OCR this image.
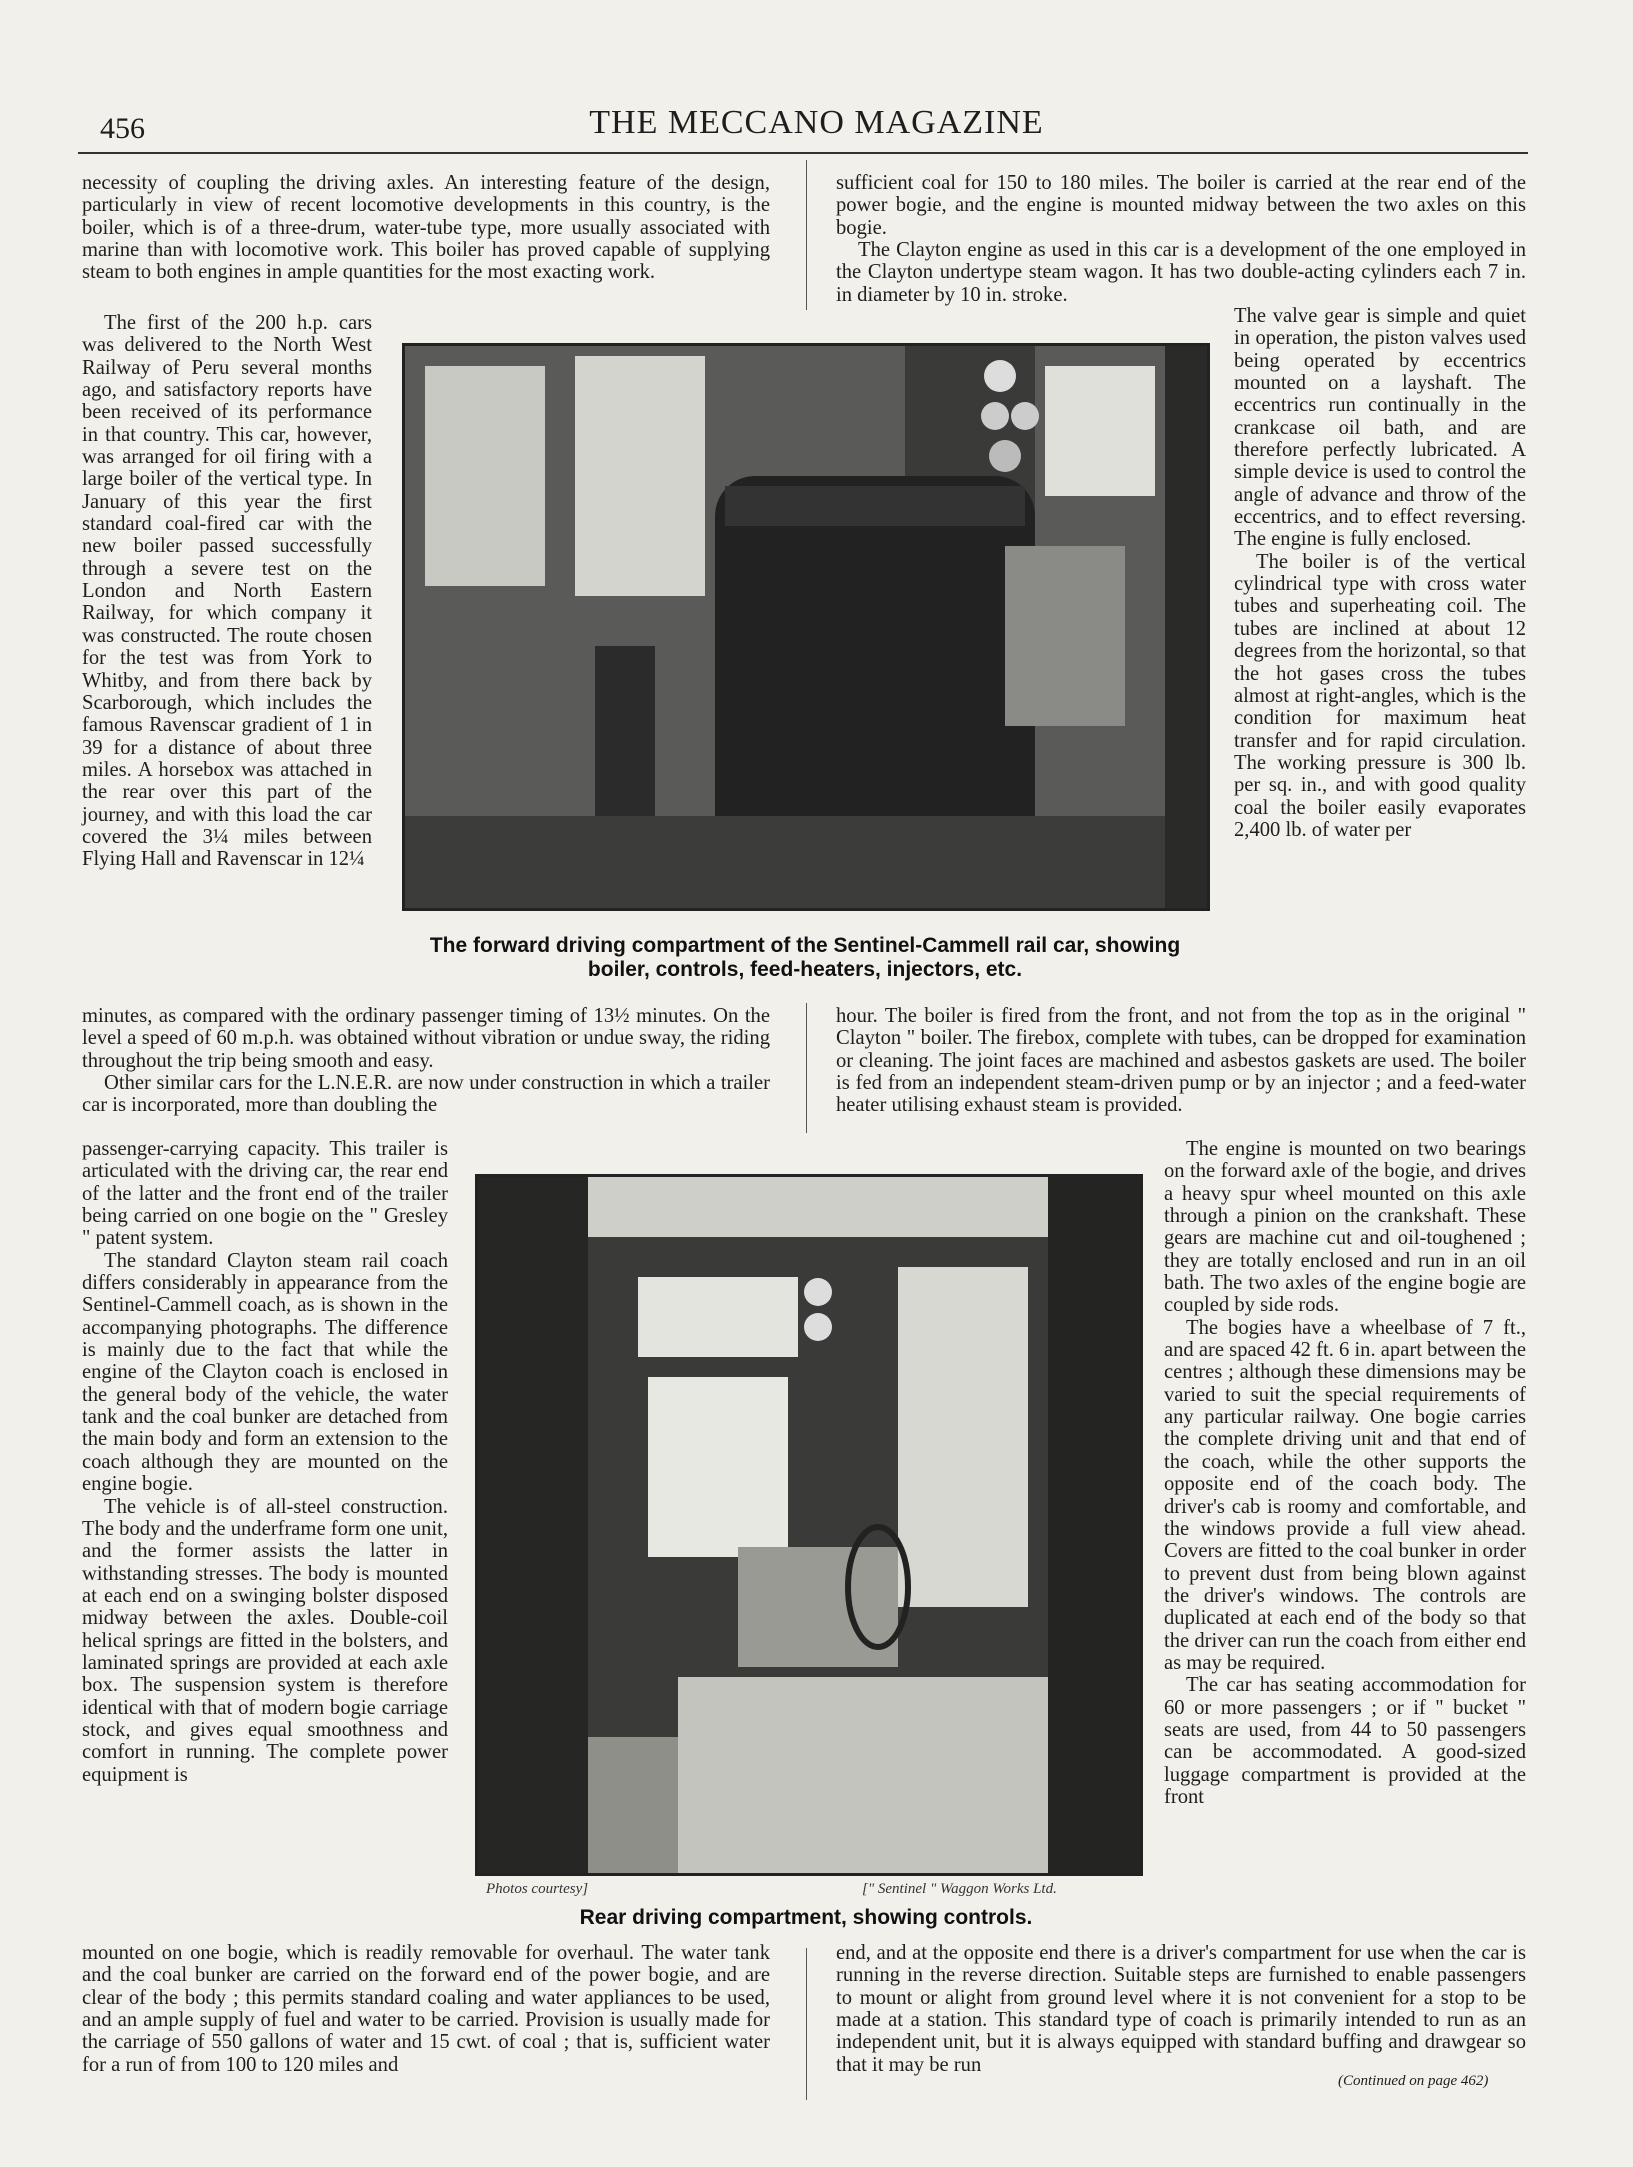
456	THE MECCANO MAGAZINE

necessity of coupling the driving axles. An interesting feature of the design, particularly in view of recent locomotive developments in this country, is the boiler, which is of a three-drum, water-tube type, more usually associated with marine than with locomotive work. This boiler has proved capable of supplying steam to both engines in ample quantities for the most exacting work.

sufficient coal for 150 to 180 miles. The boiler is carried at the rear end of the power bogie, and the engine is mounted midway between the two axles on this bogie.

The Clayton engine as used in this car is a development of the one employed in the Clayton undertype steam wagon. It has two double-acting cylinders each 7 in. in diameter by 10 in. stroke.

The first of the 200 h.p. cars was delivered to the North West Railway of Peru several months ago, and satisfactory reports have been received of its performance in that country. This car, however, was arranged for oil firing with a large boiler of the vertical type. In January of this year the first standard coal-fired car with the new boiler passed successfully through a severe test on the London and North Eastern Railway, for which company it was constructed. The route chosen for the test was from York to Whitby, and from there back by Scarborough, which includes the famous Ravenscar gradient of 1 in 39 for a distance of about three miles. A horsebox was attached in the rear over this part of the journey, and with this load the car covered the 3¼ miles between Flying Hall and Ravenscar in 12¼

The valve gear is simple and quiet in operation, the piston valves used being operated by eccentrics mounted on a layshaft. The eccentrics run continually in the crankcase oil bath, and are therefore perfectly lubricated. A simple device is used to control the angle of advance and throw of the eccentrics, and to effect reversing. The engine is fully enclosed.

The boiler is of the vertical cylindrical type with cross water tubes and superheating coil. The tubes are inclined at about 12 degrees from the horizontal, so that the hot gases cross the tubes almost at right-angles, which is the condition for maximum heat transfer and for rapid circulation. The working pressure is 300 lb. per sq. in., and with good quality coal the boiler easily evaporates 2,400 lb. of water per

The forward driving compartment of the Sentinel-Cammell rail car, showing
boiler, controls, feed-heaters, injectors, etc.

minutes, as compared with the ordinary passenger timing of 13½ minutes. On the level a speed of 60 m.p.h. was obtained without vibration or undue sway, the riding throughout the trip being smooth and easy.

Other similar cars for the L.N.E.R. are now under construction in which a trailer car is incorporated, more than doubling the

hour. The boiler is fired from the front, and not from the top as in the original " Clayton " boiler. The firebox, complete with tubes, can be dropped for examination or cleaning. The joint faces are machined and asbestos gaskets are used. The boiler is fed from an independent steam-driven pump or by an injector ; and a feed-water heater utilising exhaust steam is provided.

passenger-carrying capacity. This trailer is articulated with the driving car, the rear end of the latter and the front end of the trailer being carried on one bogie on the " Gresley " patent system.

The standard Clayton steam rail coach differs considerably in appearance from the Sentinel-Cammell coach, as is shown in the accompanying photographs. The difference is mainly due to the fact that while the engine of the Clayton coach is enclosed in the general body of the vehicle, the water tank and the coal bunker are detached from the main body and form an extension to the coach although they are mounted on the engine bogie.

The vehicle is of all-steel construction. The body and the underframe form one unit, and the former assists the latter in withstanding stresses. The body is mounted at each end on a swinging bolster disposed midway between the axles. Double-coil helical springs are fitted in the bolsters, and laminated springs are provided at each axle box. The suspension system is therefore identical with that of modern bogie carriage stock, and gives equal smoothness and comfort in running. The complete power equipment is

The engine is mounted on two bearings on the forward axle of the bogie, and drives a heavy spur wheel mounted on this axle through a pinion on the crankshaft. These gears are machine cut and oil-toughened ; they are totally enclosed and run in an oil bath. The two axles of the engine bogie are coupled by side rods.

The bogies have a wheelbase of 7 ft., and are spaced 42 ft. 6 in. apart between the centres ; although these dimensions may be varied to suit the special requirements of any particular railway. One bogie carries the complete driving unit and that end of the coach, while the other supports the opposite end of the coach body. The driver's cab is roomy and comfortable, and the windows provide a full view ahead. Covers are fitted to the coal bunker in order to prevent dust from being blown against the driver's windows. The controls are duplicated at each end of the body so that the driver can run the coach from either end as may be required.

The car has seating accommodation for 60 or more passengers ; or if " bucket " seats are used, from 44 to 50 passengers can be accommodated. A good-sized luggage compartment is provided at the front

Photos courtesy]	[" Sentinel " Waggon Works Ltd.
Rear driving compartment, showing controls.

mounted on one bogie, which is readily removable for overhaul. The water tank and the coal bunker are carried on the forward end of the power bogie, and are clear of the body ; this permits standard coaling and water appliances to be used, and an ample supply of fuel and water to be carried. Provision is usually made for the carriage of 550 gallons of water and 15 cwt. of coal ; that is, sufficient water for a run of from 100 to 120 miles and

end, and at the opposite end there is a driver's compartment for use when the car is running in the reverse direction. Suitable steps are furnished to enable passengers to mount or alight from ground level where it is not convenient for a stop to be made at a station. This standard type of coach is primarily intended to run as an independent unit, but it is always equipped with standard buffing and drawgear so that it may be run

(Continued on page 462)
